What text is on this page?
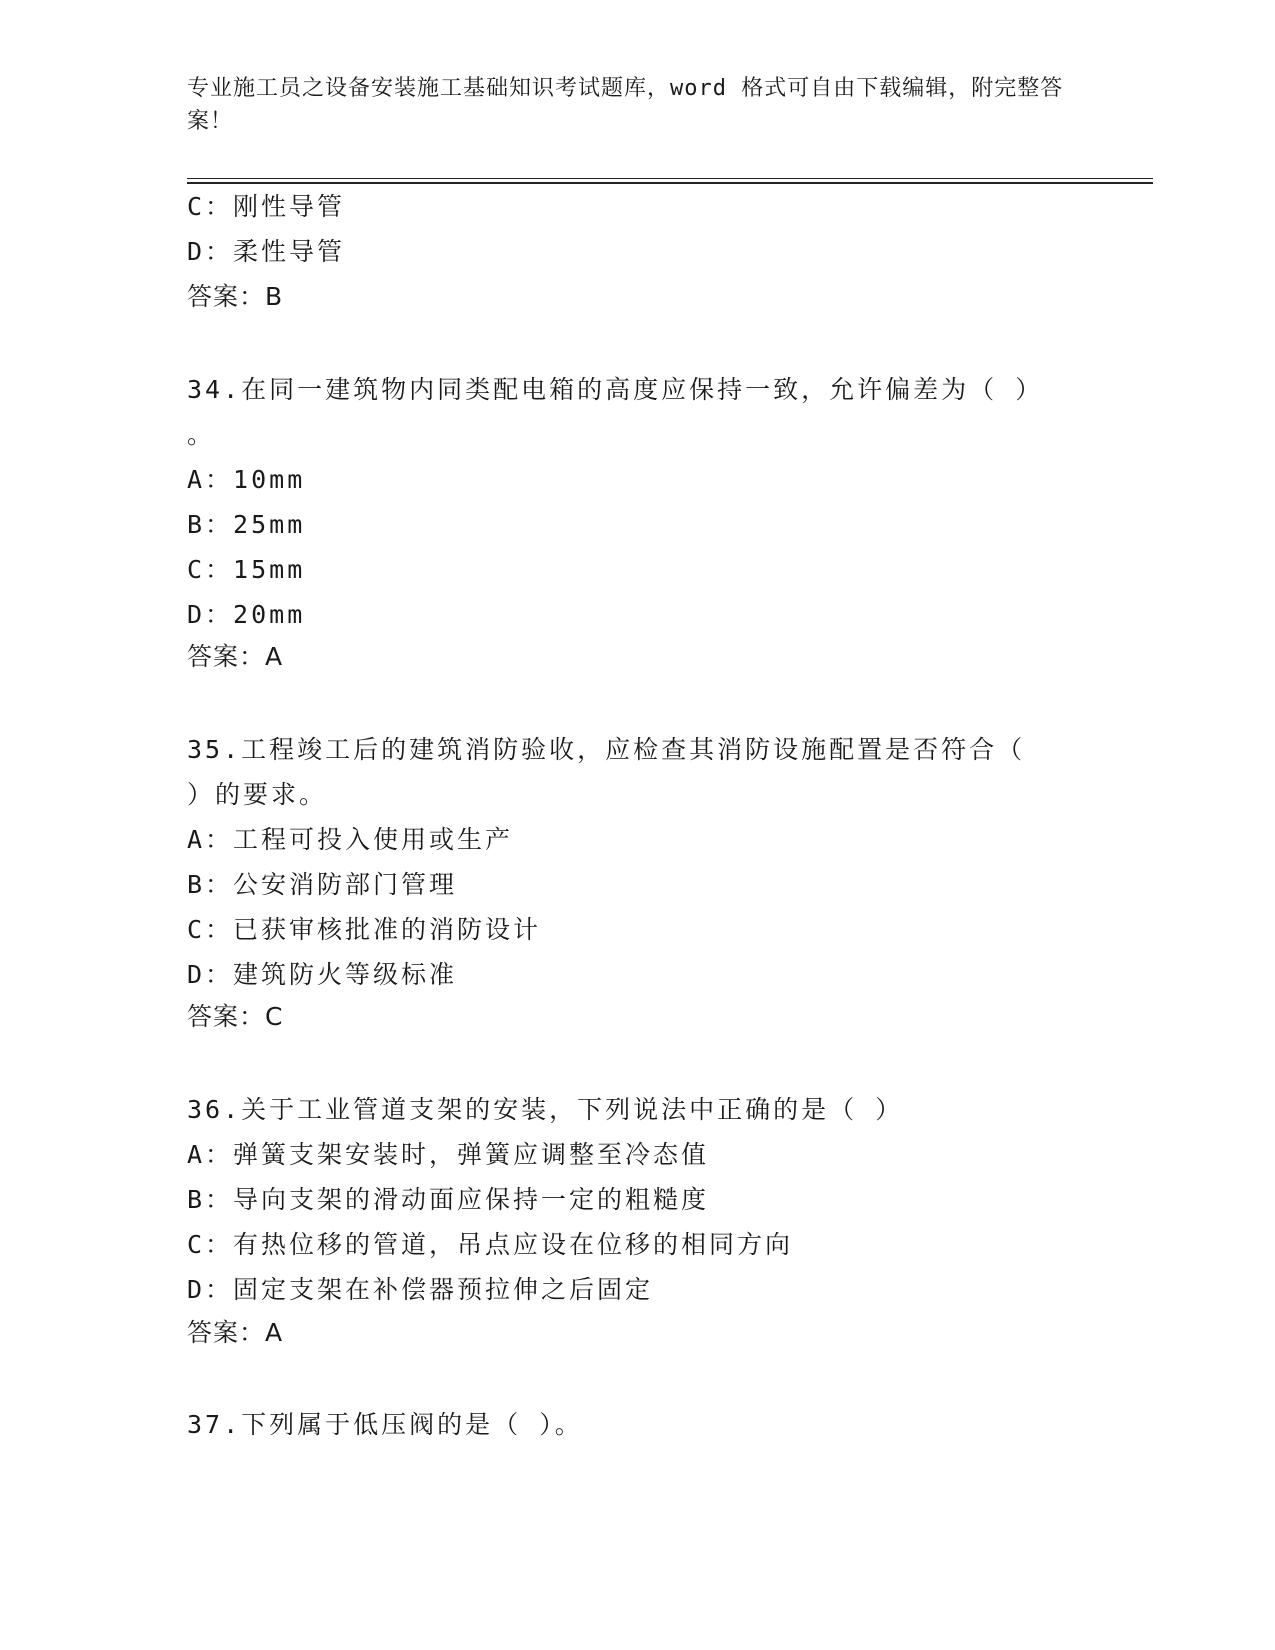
专业施工员之设备安装施工基础知识考试题库，word 格式可自由下载编辑，附完整答案！
C：刚性导管
D：柔性导管
答案：B
34.在同一建筑物内同类配电箱的高度应保持一致，允许偏差为（ ）
。
A：10mm
B：25mm
C：15mm
D：20mm
答案：A
35.工程竣工后的建筑消防验收，应检查其消防设施配置是否符合（
）的要求。
A：工程可投入使用或生产
B：公安消防部门管理
C：已获审核批准的消防设计
D：建筑防火等级标准
答案：C
36.关于工业管道支架的安装，下列说法中正确的是（ ）
A：弹簧支架安装时，弹簧应调整至冷态值
B：导向支架的滑动面应保持一定的粗糙度
C：有热位移的管道，吊点应设在位移的相同方向
D：固定支架在补偿器预拉伸之后固定
答案：A
37.下列属于低压阀的是（ ）。
